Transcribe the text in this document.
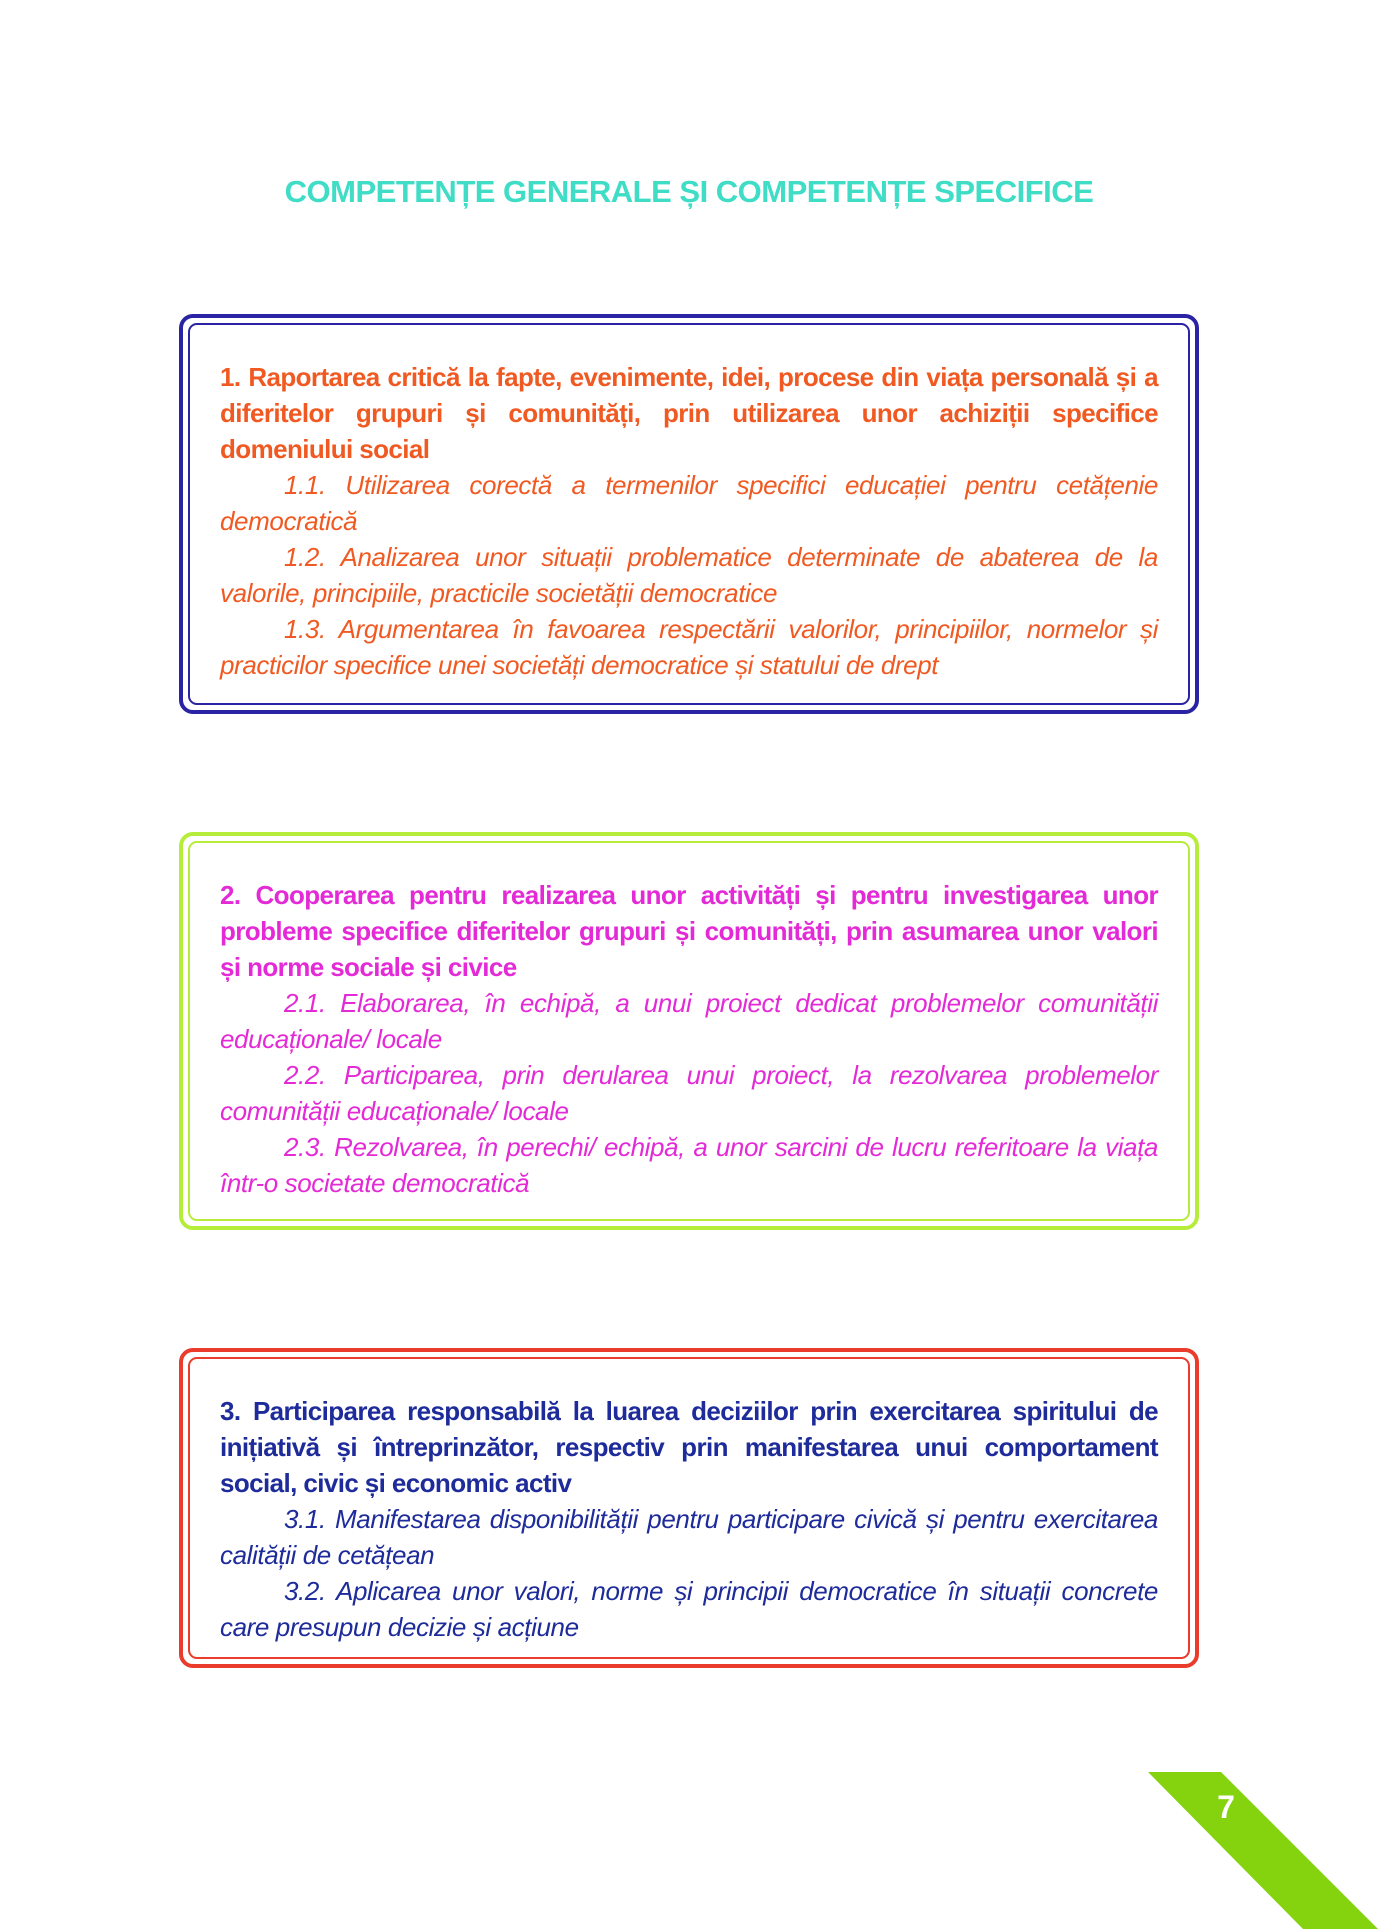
COMPETENȚE GENERALE ȘI COMPETENȚE SPECIFICE

1. Raportarea critică la fapte, evenimente, idei, procese din viața personală și a diferitelor grupuri și comunități, prin utilizarea unor achiziții specifice domeniului social

1.1. Utilizarea corectă a termenilor specifici educației pentru cetățenie democratică

1.2. Analizarea unor situații problematice determinate de abaterea de la valorile, principiile, practicile societății democratice

1.3. Argumentarea în favoarea respectării valorilor, principiilor, normelor și practicilor specifice unei societăți democratice și statului de drept

2. Cooperarea pentru realizarea unor activități și pentru investigarea unor probleme specifice diferitelor grupuri și comunități, prin asumarea unor valori și norme sociale și civice

2.1. Elaborarea, în echipă, a unui proiect dedicat problemelor comunității educaționale/ locale

2.2. Participarea, prin derularea unui proiect, la rezolvarea problemelor comunității educaționale/ locale

2.3. Rezolvarea, în perechi/ echipă, a unor sarcini de lucru referitoare la viața într-o societate democratică

3. Participarea responsabilă la luarea deciziilor prin exercitarea spiritului de inițiativă și întreprinzător, respectiv prin manifestarea unui comportament social, civic și economic activ

3.1. Manifestarea disponibilității pentru participare civică și pentru exercitarea calității de cetățean

3.2. Aplicarea unor valori, norme și principii democratice în situații concrete care presupun decizie și acțiune

7
